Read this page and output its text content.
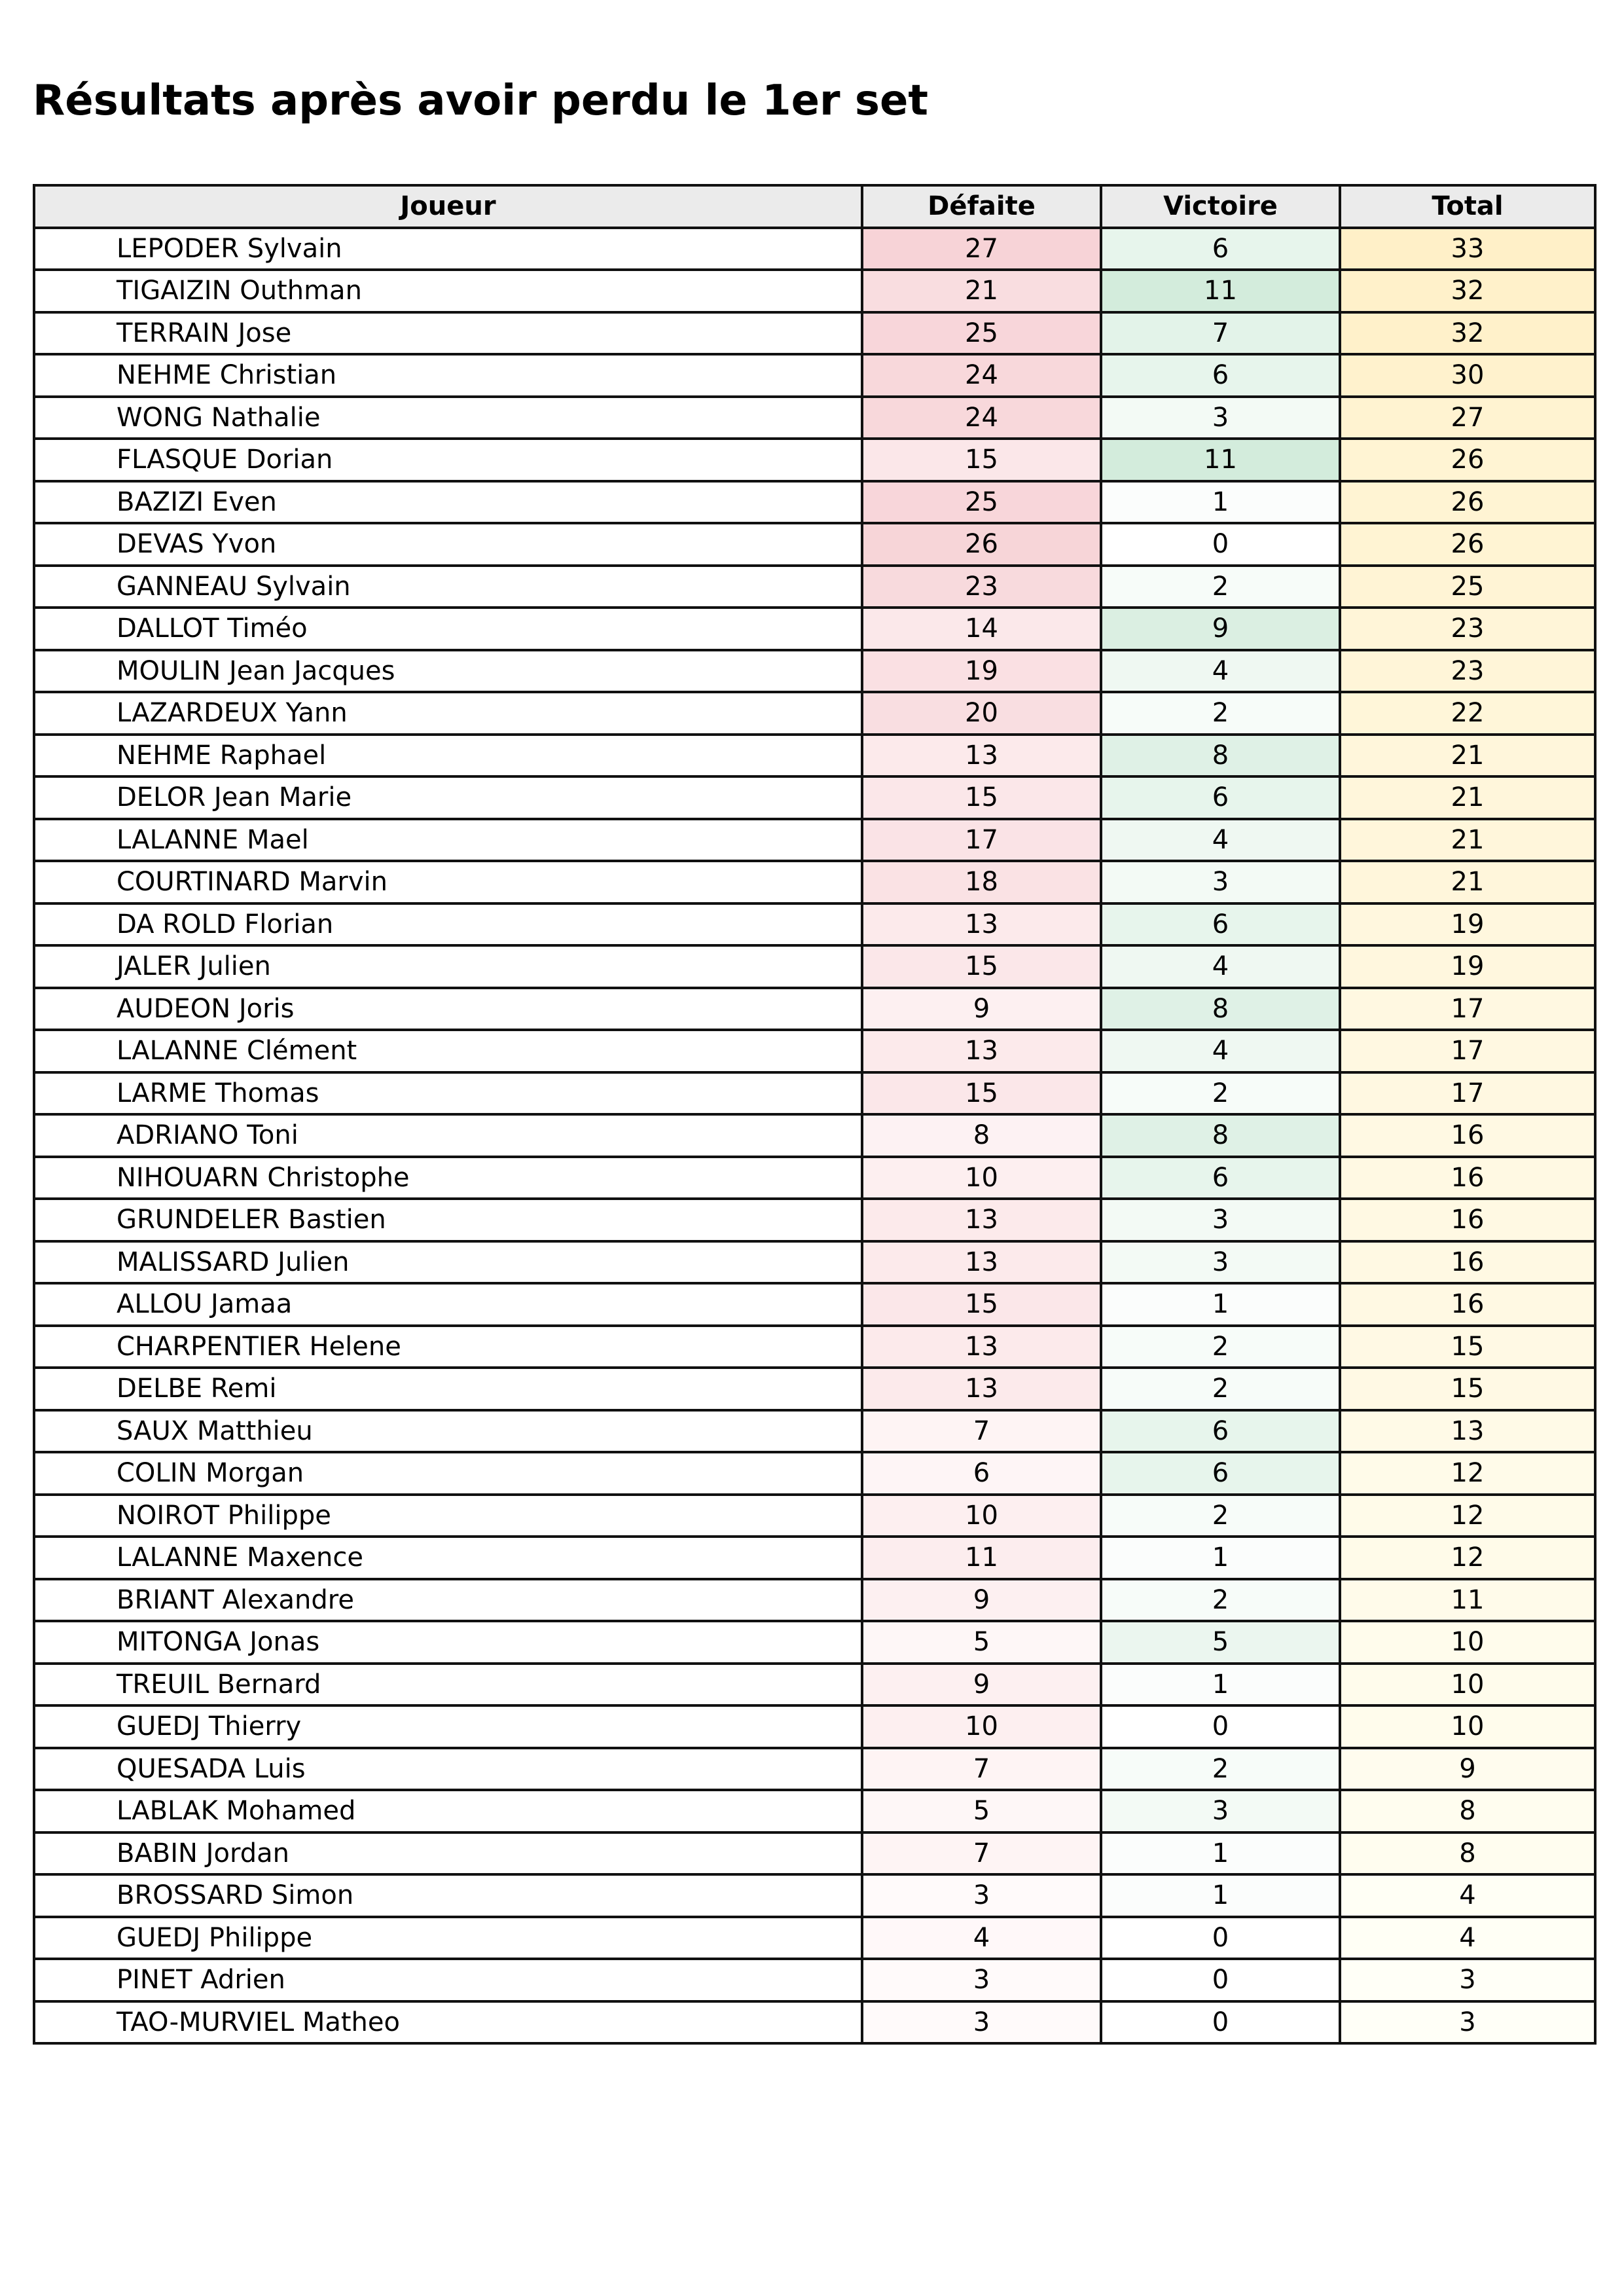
Résultats après avoir perdu le 1er set
Joueur	Défaite	Victoire	Total
LEPODER Sylvain	27	6	33
TIGAIZIN Outhman	21	11	32
TERRAIN Jose	25	7	32
NEHME Christian	24	6	30
WONG Nathalie	24	3	27
FLASQUE Dorian	15	11	26
BAZIZI Even	25	1	26
DEVAS Yvon	26	0	26
GANNEAU Sylvain	23	2	25
DALLOT Timéo	14	9	23
MOULIN Jean Jacques	19	4	23
LAZARDEUX Yann	20	2	22
NEHME Raphael	13	8	21
DELOR Jean Marie	15	6	21
LALANNE Mael	17	4	21
COURTINARD Marvin	18	3	21
DA ROLD Florian	13	6	19
JALER Julien	15	4	19
AUDEON Joris	9	8	17
LALANNE Clément	13	4	17
LARME Thomas	15	2	17
ADRIANO Toni	8	8	16
NIHOUARN Christophe	10	6	16
GRUNDELER Bastien	13	3	16
MALISSARD Julien	13	3	16
ALLOU Jamaa	15	1	16
CHARPENTIER Helene	13	2	15
DELBE Remi	13	2	15
SAUX Matthieu	7	6	13
COLIN Morgan	6	6	12
NOIROT Philippe	10	2	12
LALANNE Maxence	11	1	12
BRIANT Alexandre	9	2	11
MITONGA Jonas	5	5	10
TREUIL Bernard	9	1	10
GUEDJ Thierry	10	0	10
QUESADA Luis	7	2	9
LABLAK Mohamed	5	3	8
BABIN Jordan	7	1	8
BROSSARD Simon	3	1	4
GUEDJ Philippe	4	0	4
PINET Adrien	3	0	3
TAO-MURVIEL Matheo	3	0	3
